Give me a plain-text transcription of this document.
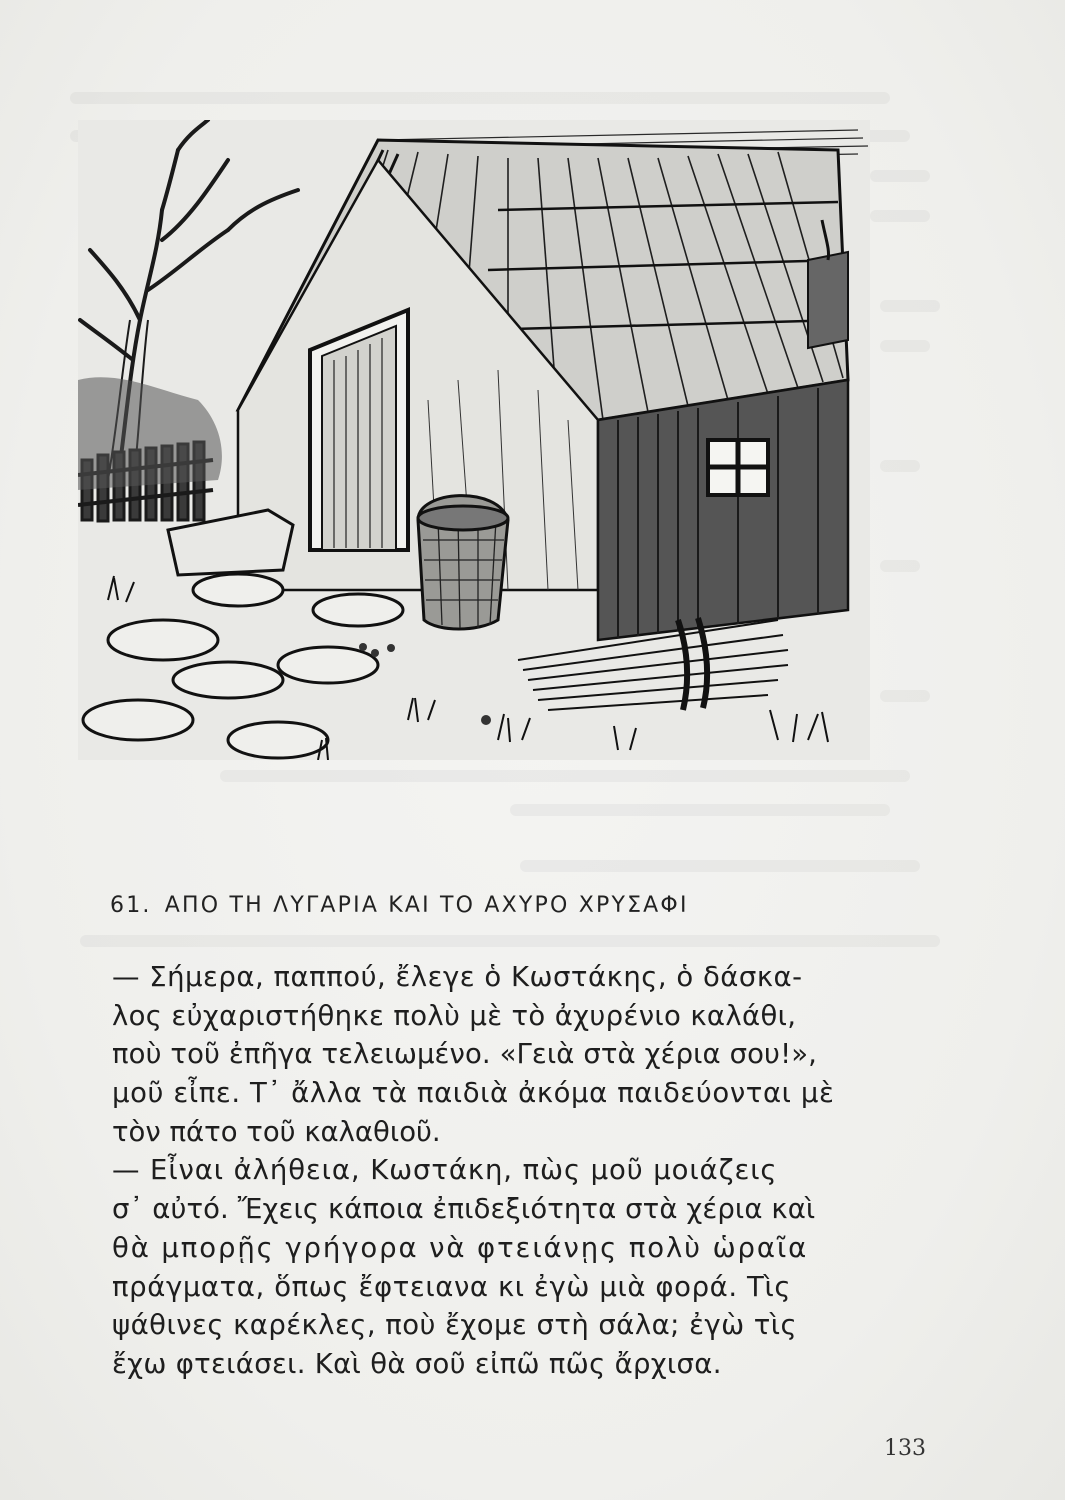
61. ΑΠΟ ΤΗ ΛΥΓΑΡΙΑ ΚΑΙ ΤΟ ΑΧΥΡΟ ΧΡΥΣΑΦΙ
— Σήμερα, παππού, ἔλεγε ὁ Κωστάκης, ὁ δάσκα-
λος εὐχαριστήθηκε πολὺ μὲ τὸ ἀχυρένιο καλάθι,
ποὺ τοῦ ἐπῆγα τελειωμένο. «Γειὰ στὰ χέρια σου!»,
μοῦ εἶπε. Τ᾽ ἄλλα τὰ παιδιὰ ἀκόμα παιδεύονται μὲ
τὸν πάτο τοῦ καλαθιοῦ.
— Εἶναι ἀλήθεια, Κωστάκη, πὼς μοῦ μοιάζεις
σ᾽ αὐτό. Ἔχεις κάποια ἐπιδεξιότητα στὰ χέρια καὶ
θὰ μπορῇς γρήγορα νὰ φτειάνῃς πολὺ ὡραῖα
πράγματα, ὅπως ἔφτειανα κι ἐγὼ μιὰ φορά. Τὶς
ψάθινες καρέκλες, ποὺ ἔχομε στὴ σάλα; ἐγὼ τὶς
ἔχω φτειάσει. Καὶ θὰ σοῦ εἰπῶ πῶς ἄρχισα.
133
